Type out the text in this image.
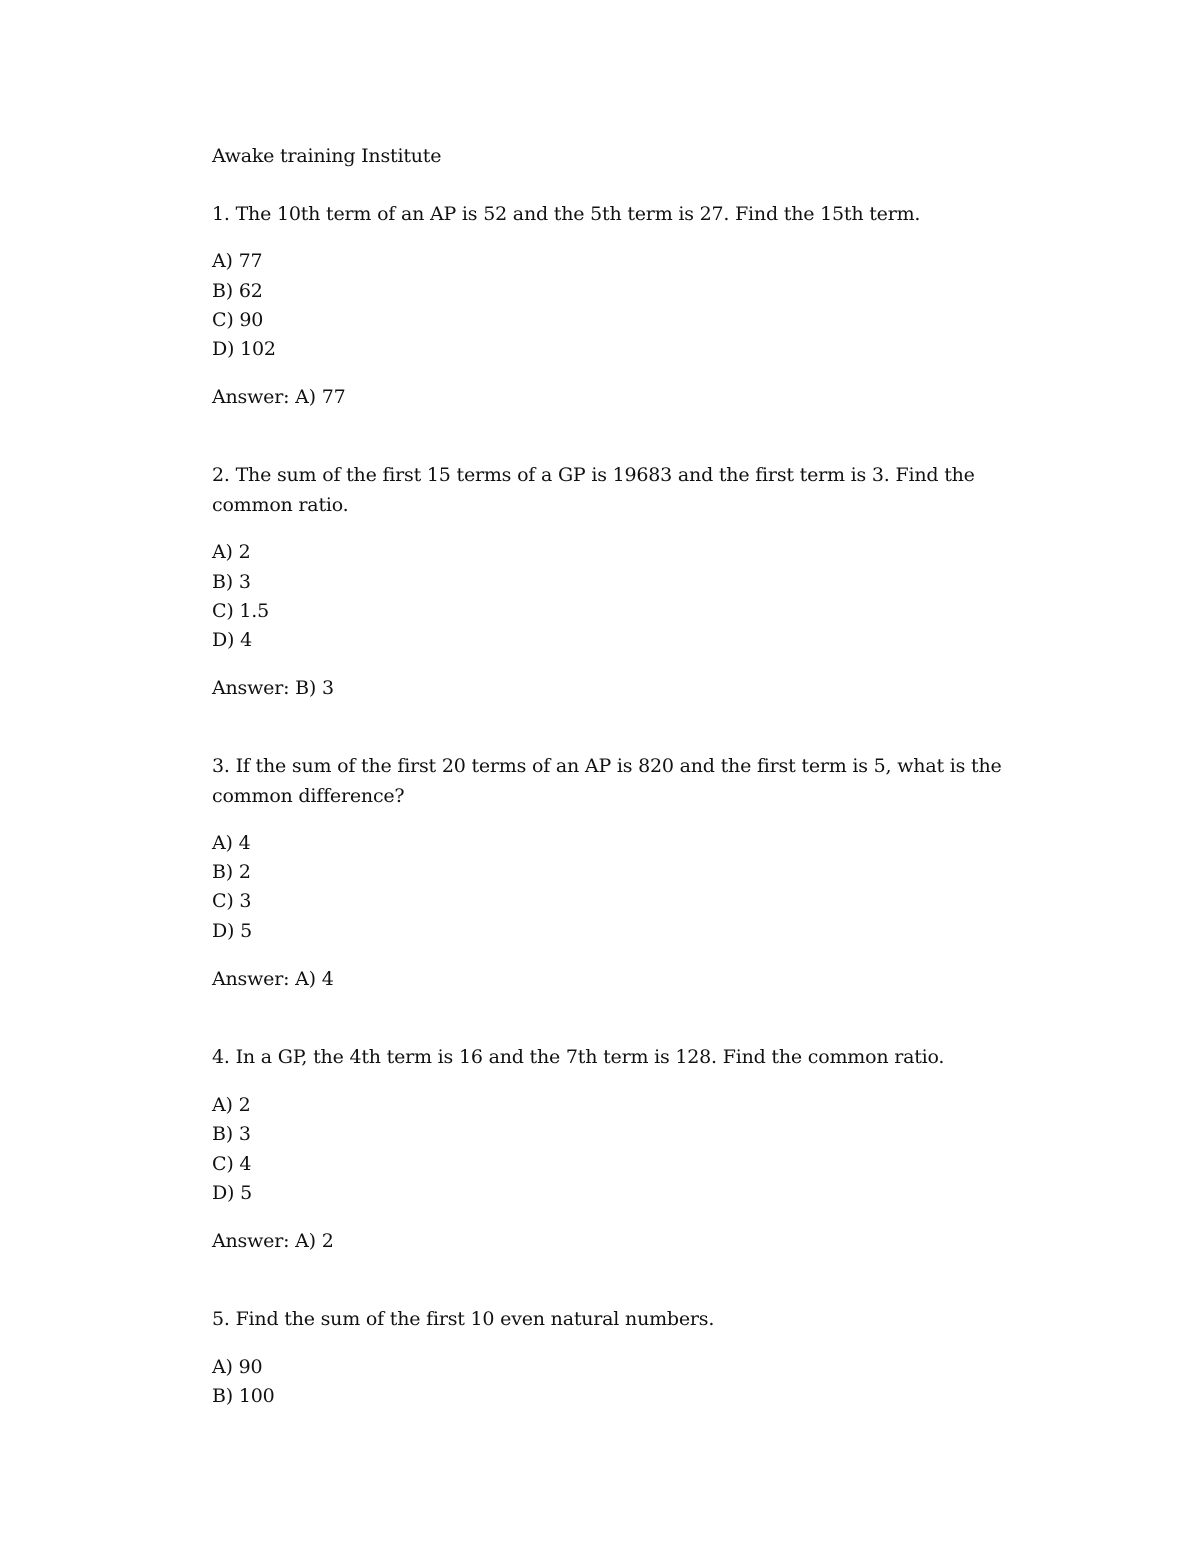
Awake training Institute
1. The 10th term of an AP is 52 and the 5th term is 27. Find the 15th term.
A) 77
B) 62
C) 90
D) 102
Answer: A) 77
2. The sum of the first 15 terms of a GP is 19683 and the first term is 3. Find the
common ratio.
A) 2
B) 3
C) 1.5
D) 4
Answer: B) 3
3. If the sum of the first 20 terms of an AP is 820 and the first term is 5, what is the
common difference?
A) 4
B) 2
C) 3
D) 5
Answer: A) 4
4. In a GP, the 4th term is 16 and the 7th term is 128. Find the common ratio.
A) 2
B) 3
C) 4
D) 5
Answer: A) 2
5. Find the sum of the first 10 even natural numbers.
A) 90
B) 100
